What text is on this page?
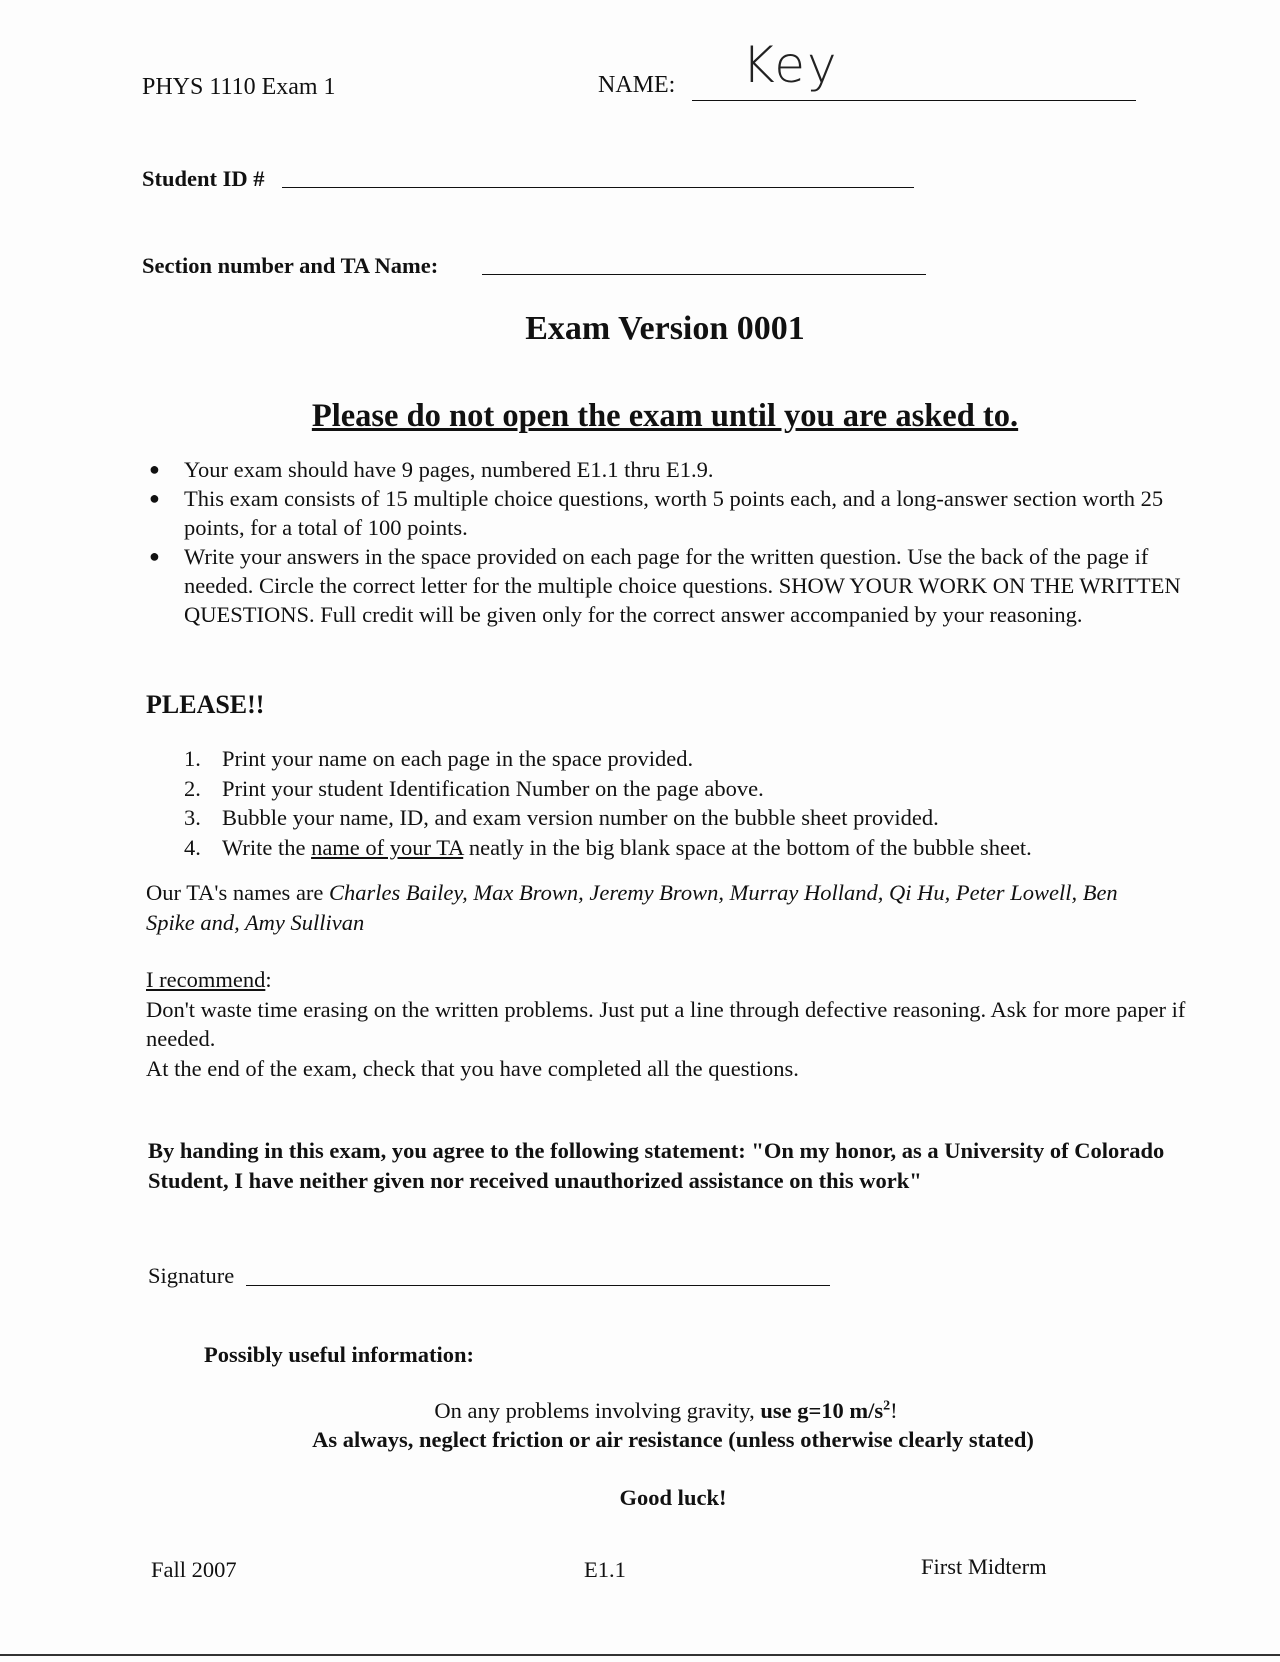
PHYS 1110 Exam 1	NAME: Key
Student ID #
Section number and TA Name:
Exam Version 0001
Please do not open the exam until you are asked to.
● Your exam should have 9 pages, numbered E1.1 thru E1.9.
● This exam consists of 15 multiple choice questions, worth 5 points each, and a long-answer section worth 25 points, for a total of 100 points.
● Write your answers in the space provided on each page for the written question. Use the back of the page if needed. Circle the correct letter for the multiple choice questions. SHOW YOUR WORK ON THE WRITTEN QUESTIONS. Full credit will be given only for the correct answer accompanied by your reasoning.
PLEASE!!
1. Print your name on each page in the space provided.
2. Print your student Identification Number on the page above.
3. Bubble your name, ID, and exam version number on the bubble sheet provided.
4. Write the name of your TA neatly in the big blank space at the bottom of the bubble sheet.
Our TA's names are Charles Bailey, Max Brown, Jeremy Brown, Murray Holland, Qi Hu, Peter Lowell, Ben Spike and, Amy Sullivan
I recommend:
Don't waste time erasing on the written problems. Just put a line through defective reasoning. Ask for more paper if needed.
At the end of the exam, check that you have completed all the questions.
By handing in this exam, you agree to the following statement: "On my honor, as a University of Colorado Student, I have neither given nor received unauthorized assistance on this work"
Signature
Possibly useful information:
On any problems involving gravity, use g=10 $m/s^2$!
As always, neglect friction or air resistance (unless otherwise clearly stated)
Good luck!
Fall 2007	E1.1	First Midterm
